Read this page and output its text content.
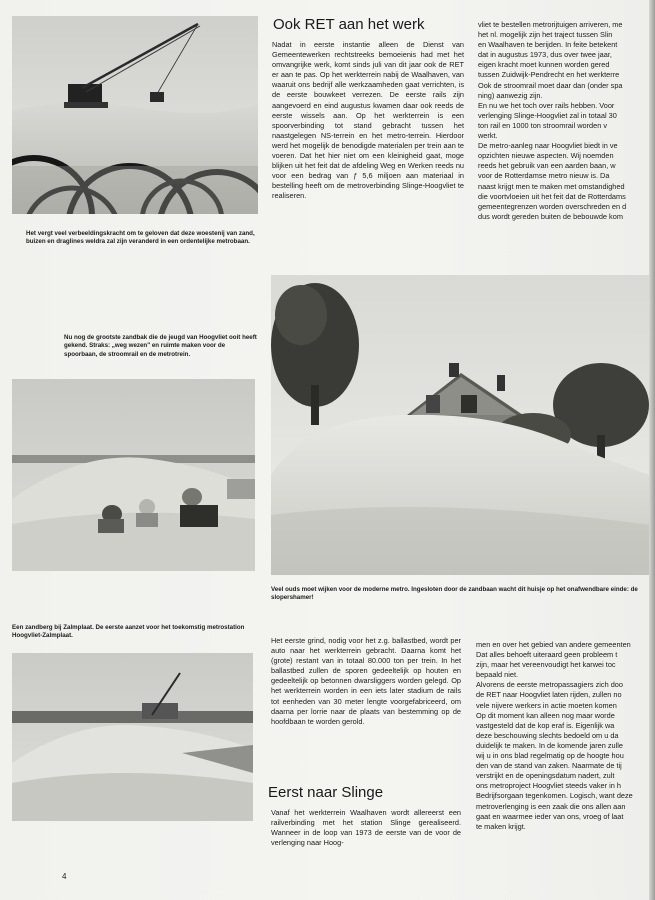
Het vergt veel verbeeldingskracht om te geloven dat deze woestenij van zand, buizen en draglines weldra zal zijn veranderd in een ordentelijke metrobaan.
Ook RET aan het werk

Nadat in eerste instantie alleen de Dienst van Gemeentewerken rechtstreeks bemoeienis had met het omvangrijke werk, komt sinds juli van dit jaar ook de RET er aan te pas. Op het werkterrein nabij de Waalhaven, van waaruit ons bedrijf alle werkzaamheden gaat verrichten, is de eerste bouwkeet verrezen. De eerste rails zijn aangevoerd en eind augustus kwamen daar ook reeds de eerste wissels aan. Op het werkterrein is een spoorverbinding tot stand gebracht tussen het naastgelegen NS-terrein en het metro-terrein. Hierdoor werd het mogelijk de benodigde materialen per trein aan te voeren. Dat het hier niet om een kleinigheid gaat, moge blijken uit het feit dat de afdeling Weg en Werken reeds nu voor een bedrag van ƒ 5,6 miljoen aan materiaal in bestelling heeft om de metroverbinding Slinge-Hoogvliet te realiseren.

vliet te bestellen metrorijtuigen arriveren, me
het nl. mogelijk zijn het traject tussen Slin
en Waalhaven te berijden. In feite betekent
dat in augustus 1973, dus over twee jaar,
eigen kracht moet kunnen worden gered
tussen Zuidwijk-Pendrecht en het werkterre
Ook de stroomrail moet daar dan (onder spa
ning) aanwezig zijn.
En nu we het toch over rails hebben. Voor
verlenging Slinge-Hoogvliet zal in totaal 30
ton rail en 1000 ton stroomrail worden v
werkt.
De metro-aanleg naar Hoogvliet biedt in ve
opzichten nieuwe aspecten. Wij noemden
reeds het gebruik van een aarden baan, w
voor de Rotterdamse metro nieuw is. Da
naast krijgt men te maken met omstandighed
die voortvloeien uit het feit dat de Rotterdams
gemeentegrenzen worden overschreden en d
dus wordt gereden buiten de bebouwde kom
Nu nog de grootste zandbak die de jeugd van Hoogvliet ooit heeft gekend. Straks: „weg wezen" en ruimte maken voor de spoorbaan, de stroomrail en de metrotrein.
Veel ouds moet wijken voor de moderne metro. Ingesloten door de zandbaan wacht dit huisje op het onafwendbare einde: de slopershamer!
Een zandberg bij Zalmplaat. De eerste aanzet voor het toekomstig metrostation Hoogvliet-Zalmplaat.

Het eerste grind, nodig voor het z.g. ballastbed, wordt per auto naar het werkterrein gebracht. Daarna komt het (grote) restant van in totaal 80.000 ton per trein. In het ballastbed zullen de sporen gedeeltelijk op houten en gedeeltelijk op betonnen dwarsliggers worden gelegd. Op het werkterrein worden in een iets later stadium de rails tot eenheden van 30 meter lengte voorgefabriceerd, om daarna per lorrie naar de plaats van bestemming op de hoofdbaan te worden gerold.

Eerst naar Slinge

Vanaf het werkterrein Waalhaven wordt allereerst een railverbinding met het station Slinge gerealiseerd. Wanneer in de loop van 1973 de eerste van de voor de verlenging naar Hoog-

men en over het gebied van andere gemeenten
Dat alles behoeft uiteraard geen probleem t
zijn, maar het vereenvoudigt het karwei toc
bepaald niet.
Alvorens de eerste metropassagiers zich doo
de RET naar Hoogvliet laten rijden, zullen no
vele nijvere werkers in actie moeten komen
Op dit moment kan alleen nog maar worde
vastgesteld dat de kop eraf is. Eigenlijk wa
deze beschouwing slechts bedoeld om u da
duidelijk te maken. In de komende jaren zulle
wij u in ons blad regelmatig op de hoogte hou
den van de stand van zaken. Naarmate de tij
verstrijkt en de openingsdatum nadert, zult
ons metroproject Hoogvliet steeds vaker in h
Bedrijfsorgaan tegenkomen. Logisch, want deze
metroverlenging is een zaak die ons allen aan
gaat en waarmee ieder van ons, vroeg of laat
te maken krijgt.
4
